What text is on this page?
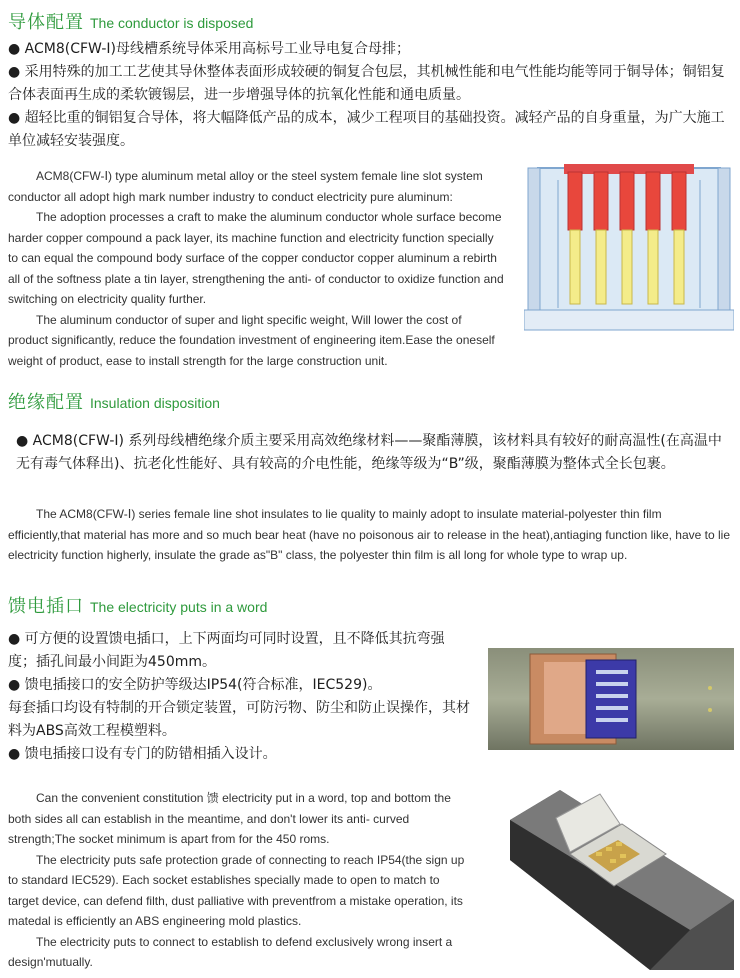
导体配置 The conductor is disposed

● ACM8(CFW-Ⅰ)母线槽系统导体采用高标号工业导电复合母排；

● 采用特殊的加工工艺使其导休整体表面形成较硬的铜复合包层，其机械性能和电气性能均能等同于铜导体；铜铝复合体表面再生成的柔软镀锡层，进一步增强导体的抗氧化性能和通电质量。

● 超轻比重的铜铝复合导体，将大幅降低产品的成本，减少工程项目的基础投资。减轻产品的自身重量，为广大施工单位减轻安装强度。

ACM8(CFW-Ⅰ) type aluminum metal alloy or the steel system female line slot system conductor all adopt high mark number industry to conduct electricity pure aluminum:

The adoption processes a craft to make the aluminum conductor whole surface become harder copper compound a pack layer, its machine function and electricity function specially to can equal the compound body surface of the copper conductor copper aluminum a rebirth all of the softness plate a tin layer, strengthening the anti- of conductor to oxidize function and switching on electricity quality further.

The aluminum conductor of super and light specific weight, Will lower the cost of product significantly, reduce the foundation investment of engineering item.Ease the oneself weight of product, ease to install strength for the large construction unit.

绝缘配置 Insulation disposition

● ACM8(CFW-Ⅰ) 系列母线槽绝缘介质主要采用高效绝缘材料——聚酯薄膜，该材料具有较好的耐高温性(在高温中无有毒气体释出)、抗老化性能好、具有较高的介电性能，绝缘等级为“B”级，聚酯薄膜为整体式全长包裹。

The ACM8(CFW-Ⅰ) series female line shot insulates to lie quality to mainly adopt to insulate material-polyester thin film efficiently,that material has more and so much bear heat (have no poisonous air to release in the heat),antiaging function like, have to lie electricity function higherly, insulate the grade as"B" class, the polyester thin film is all long for whole type to wrap up.

馈电插口 The electricity puts in a word

● 可方便的设置馈电插口，上下两面均可同时设置，且不降低其抗弯强度；插孔间最小间距为450mm。

● 馈电插接口的安全防护等级达IP54(符合标准，IEC529)。

每套插口均设有特制的开合锁定装置，可防污物、防尘和防止误操作，其材料为ABS高效工程模塑料。

● 馈电插接口设有专门的防错相插入设计。

Can the convenient constitution 馈 electricity put in a word, top and bottom the both sides all can establish in the meantime, and don't lower its anti- curved strength;The socket minimum is apart from for the 450 roms.

The electricity puts safe protection grade of connecting to reach IP54(the sign up to standard IEC529). Each socket establishes specially made to open to match to target device, can defend filth, dust palliative with preventfrom a mistake operation, its matedal is efficiently an ABS engineering mold plastics.

The electricity puts to connect to establish to defend exclusively wrong insert a design'mutually.
